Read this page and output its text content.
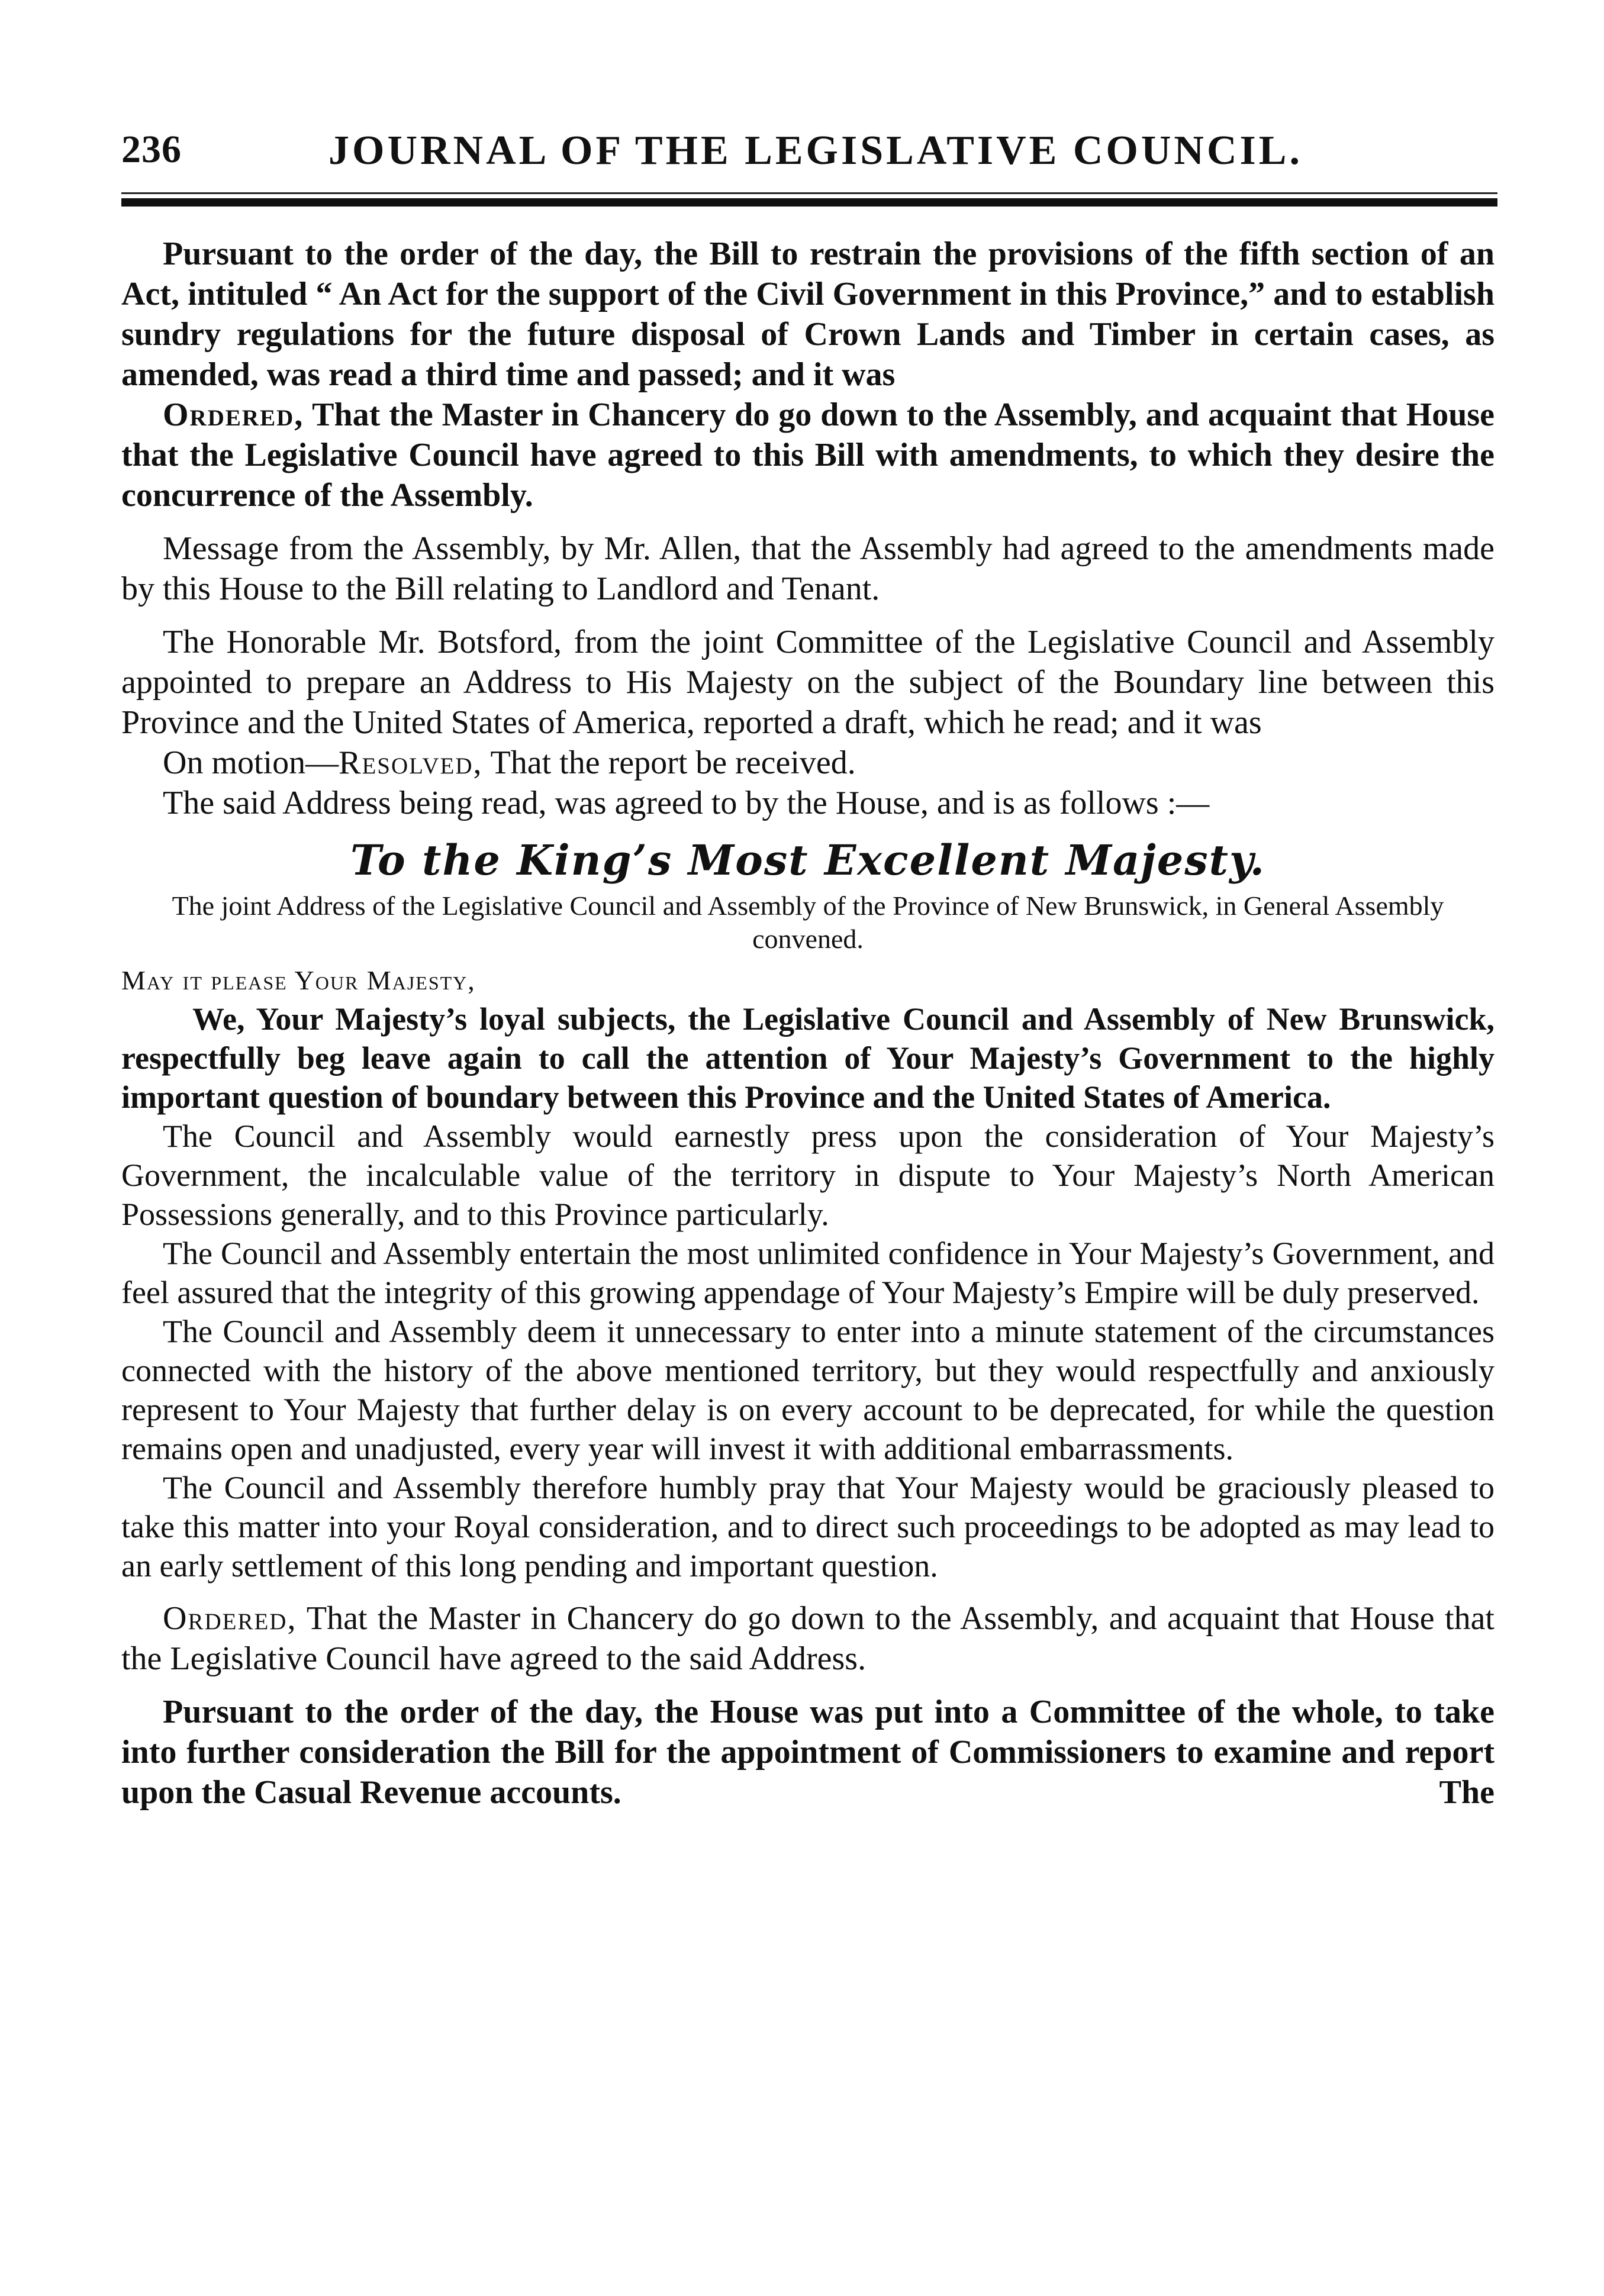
236	JOURNAL OF THE LEGISLATIVE COUNCIL.

Pursuant to the order of the day, the Bill to restrain the provisions of the fifth section of an Act, intituled “ An Act for the support of the Civil Government in this Province,” and to establish sundry regulations for the future disposal of Crown Lands and Timber in certain cases, as amended, was read a third time and passed; and it was

Ordered, That the Master in Chancery do go down to the Assembly, and acquaint that House that the Legislative Council have agreed to this Bill with amendments, to which they desire the concurrence of the Assembly.

Message from the Assembly, by Mr. Allen, that the Assembly had agreed to the amendments made by this House to the Bill relating to Landlord and Tenant.

The Honorable Mr. Botsford, from the joint Committee of the Legislative Council and Assembly appointed to prepare an Address to His Majesty on the subject of the Boundary line between this Province and the United States of America, reported a draft, which he read; and it was

On motion—Resolved, That the report be received.

The said Address being read, was agreed to by the House, and is as follows :—

To the King’s Most Excellent Majesty.

The joint Address of the Legislative Council and Assembly of the Province of New Brunswick, in General Assembly convened.

May it please Your Majesty,

We, Your Majesty’s loyal subjects, the Legislative Council and Assembly of New Brunswick, respectfully beg leave again to call the attention of Your Majesty’s Government to the highly important question of boundary between this Province and the United States of America.

The Council and Assembly would earnestly press upon the consideration of Your Majesty’s Government, the incalculable value of the territory in dispute to Your Majesty’s North American Possessions generally, and to this Province particularly.

The Council and Assembly entertain the most unlimited confidence in Your Majesty’s Government, and feel assured that the integrity of this growing appendage of Your Majesty’s Empire will be duly preserved.

The Council and Assembly deem it unnecessary to enter into a minute statement of the circumstances connected with the history of the above mentioned territory, but they would respectfully and anxiously represent to Your Majesty that further delay is on every account to be deprecated, for while the question remains open and unadjusted, every year will invest it with additional embarrassments.

The Council and Assembly therefore humbly pray that Your Majesty would be graciously pleased to take this matter into your Royal consideration, and to direct such proceedings to be adopted as may lead to an early settlement of this long pending and important question.

Ordered, That the Master in Chancery do go down to the Assembly, and acquaint that House that the Legislative Council have agreed to the said Address.

Pursuant to the order of the day, the House was put into a Committee of the whole, to take into further consideration the Bill for the appointment of Commissioners to examine and report upon the Casual Revenue accounts.	The
